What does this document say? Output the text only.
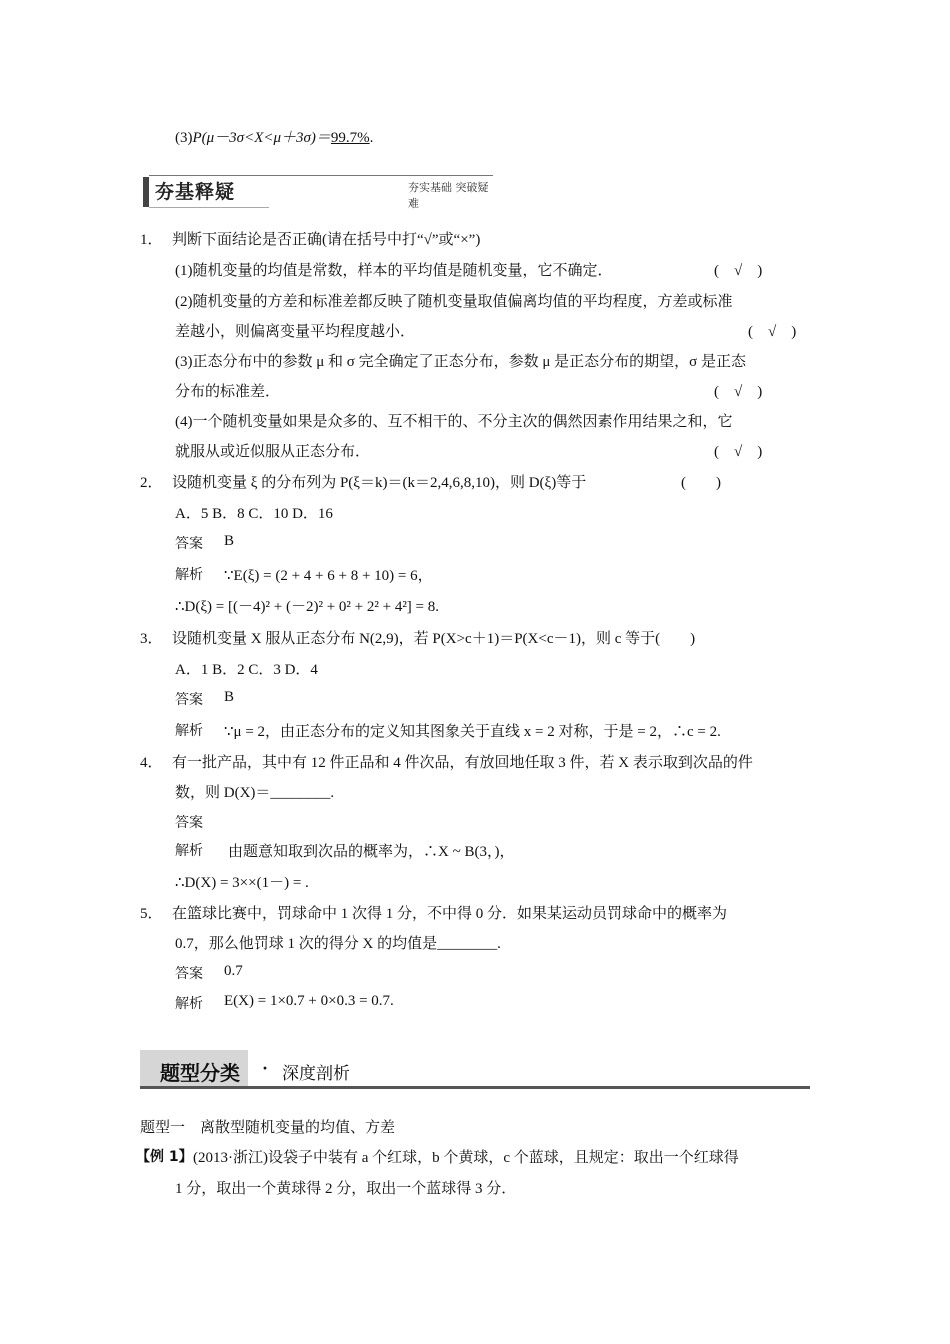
(3)P(μ－3σ<X<μ＋3σ)＝99.7%.
夯基释疑	夯实基础 突破疑难
1． 判断下面结论是否正确(请在括号中打“√”或“×”)
(1)随机变量的均值是常数，样本的平均值是随机变量，它不确定．	(　√　)
(2)随机变量的方差和标准差都反映了随机变量取值偏离均值的平均程度，方差或标准
差越小，则偏离变量平均程度越小．	(　√　)
(3)正态分布中的参数 μ 和 σ 完全确定了正态分布，参数 μ 是正态分布的期望，σ 是正态
分布的标准差．	(　√　)
(4)一个随机变量如果是众多的、互不相干的、不分主次的偶然因素作用结果之和，它
就服从或近似服从正态分布．	(　√　)
2． 设随机变量 ξ 的分布列为 P(ξ＝k)＝(k＝2,4,6,8,10)，则 D(ξ)等于	(　　)
A．5 B．8 C．10 D．16
答案 B
解析 ∵E(ξ) = (2 + 4 + 6 + 8 + 10) = 6，
∴D(ξ) = [(－4)² + (－2)² + 0² + 2² + 4²] = 8.
3． 设随机变量 X 服从正态分布 N(2,9)，若 P(X>c＋1)＝P(X<c－1)，则 c 等于(　　)
A．1 B．2 C．3 D．4
答案 B
解析 ∵μ = 2，由正态分布的定义知其图象关于直线 x = 2 对称，于是 = 2，∴c = 2.
4． 有一批产品，其中有 12 件正品和 4 件次品，有放回地任取 3 件，若 X 表示取到次品的件
数，则 D(X)＝________.
答案
解析 由题意知取到次品的概率为，∴X ~ B(3，)，
∴D(X) = 3××(1－) = .
5． 在篮球比赛中，罚球命中 1 次得 1 分，不中得 0 分．如果某运动员罚球命中的概率为
0.7，那么他罚球 1 次的得分 X 的均值是________.
答案 0.7
解析 E(X) = 1×0.7 + 0×0.3 = 0.7.
题型分类 · 深度剖析
题型一　离散型随机变量的均值、方差
【例 1】 (2013·浙江)设袋子中装有 a 个红球，b 个黄球，c 个蓝球，且规定：取出一个红球得
1 分，取出一个黄球得 2 分，取出一个蓝球得 3 分．
